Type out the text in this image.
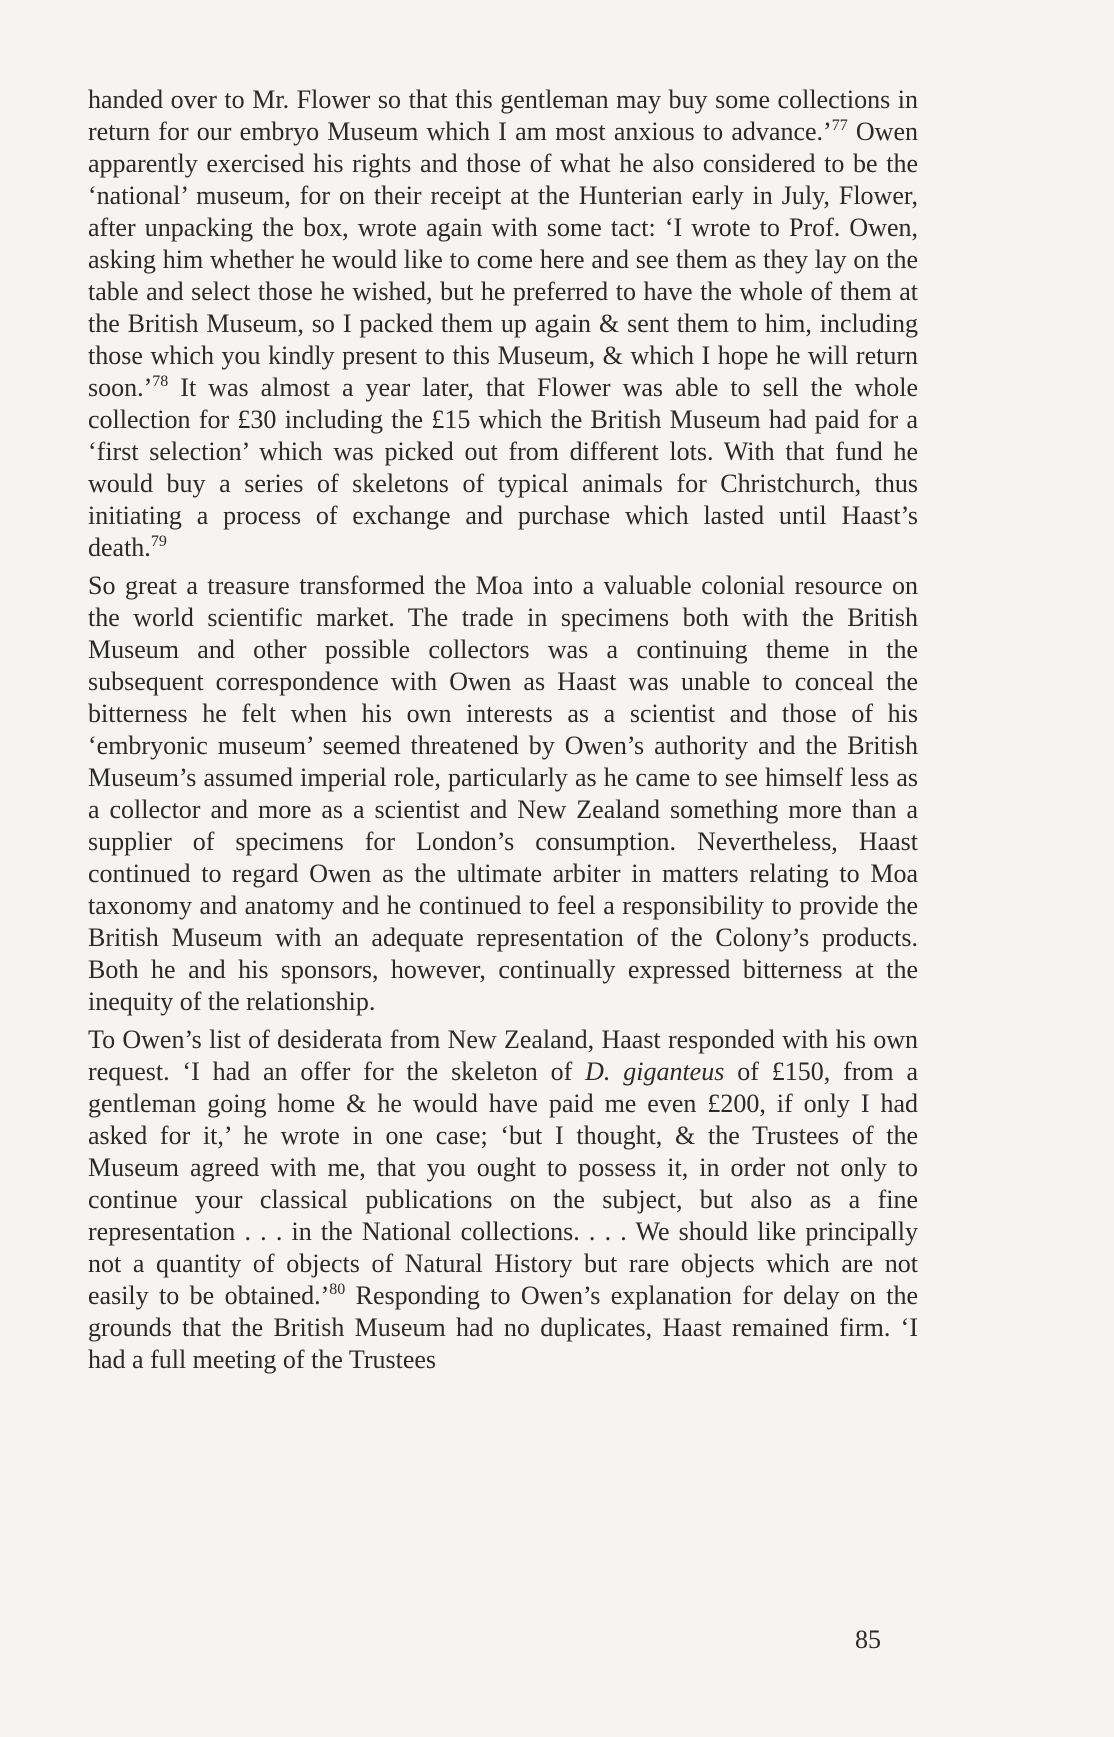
handed over to Mr. Flower so that this gentleman may buy some collections in return for our embryo Museum which I am most anxious to advance.’$^{77}$ Owen apparently exercised his rights and those of what he also considered to be the ‘national’ museum, for on their receipt at the Hunterian early in July, Flower, after unpacking the box, wrote again with some tact: ‘I wrote to Prof. Owen, asking him whether he would like to come here and see them as they lay on the table and select those he wished, but he preferred to have the whole of them at the British Museum, so I packed them up again & sent them to him, including those which you kindly present to this Museum, & which I hope he will return soon.’$^{78}$ It was almost a year later, that Flower was able to sell the whole collection for £30 including the £15 which the British Museum had paid for a ‘first selection’ which was picked out from different lots. With that fund he would buy a series of skeletons of typical animals for Christchurch, thus initiating a process of exchange and purchase which lasted until Haast’s death.$^{79}$

So great a treasure transformed the Moa into a valuable colonial resource on the world scientific market. The trade in specimens both with the British Museum and other possible collectors was a continuing theme in the subsequent correspondence with Owen as Haast was unable to conceal the bitterness he felt when his own interests as a scientist and those of his ‘embryonic museum’ seemed threatened by Owen’s authority and the British Museum’s assumed imperial role, particularly as he came to see himself less as a collector and more as a scientist and New Zealand something more than a supplier of specimens for London’s consumption. Nevertheless, Haast continued to regard Owen as the ultimate arbiter in matters relating to Moa taxonomy and anatomy and he continued to feel a responsibility to provide the British Museum with an adequate representation of the Colony’s products. Both he and his sponsors, however, continually expressed bitterness at the inequity of the relationship.

To Owen’s list of desiderata from New Zealand, Haast responded with his own request. ‘I had an offer for the skeleton of D. giganteus of £150, from a gentleman going home & he would have paid me even £200, if only I had asked for it,’ he wrote in one case; ‘but I thought, & the Trustees of the Museum agreed with me, that you ought to possess it, in order not only to continue your classical publications on the subject, but also as a fine representation . . . in the National collections. . . . We should like principally not a quantity of objects of Natural History but rare objects which are not easily to be obtained.’$^{80}$ Responding to Owen’s explanation for delay on the grounds that the British Museum had no duplicates, Haast remained firm. ‘I had a full meeting of the Trustees

85
